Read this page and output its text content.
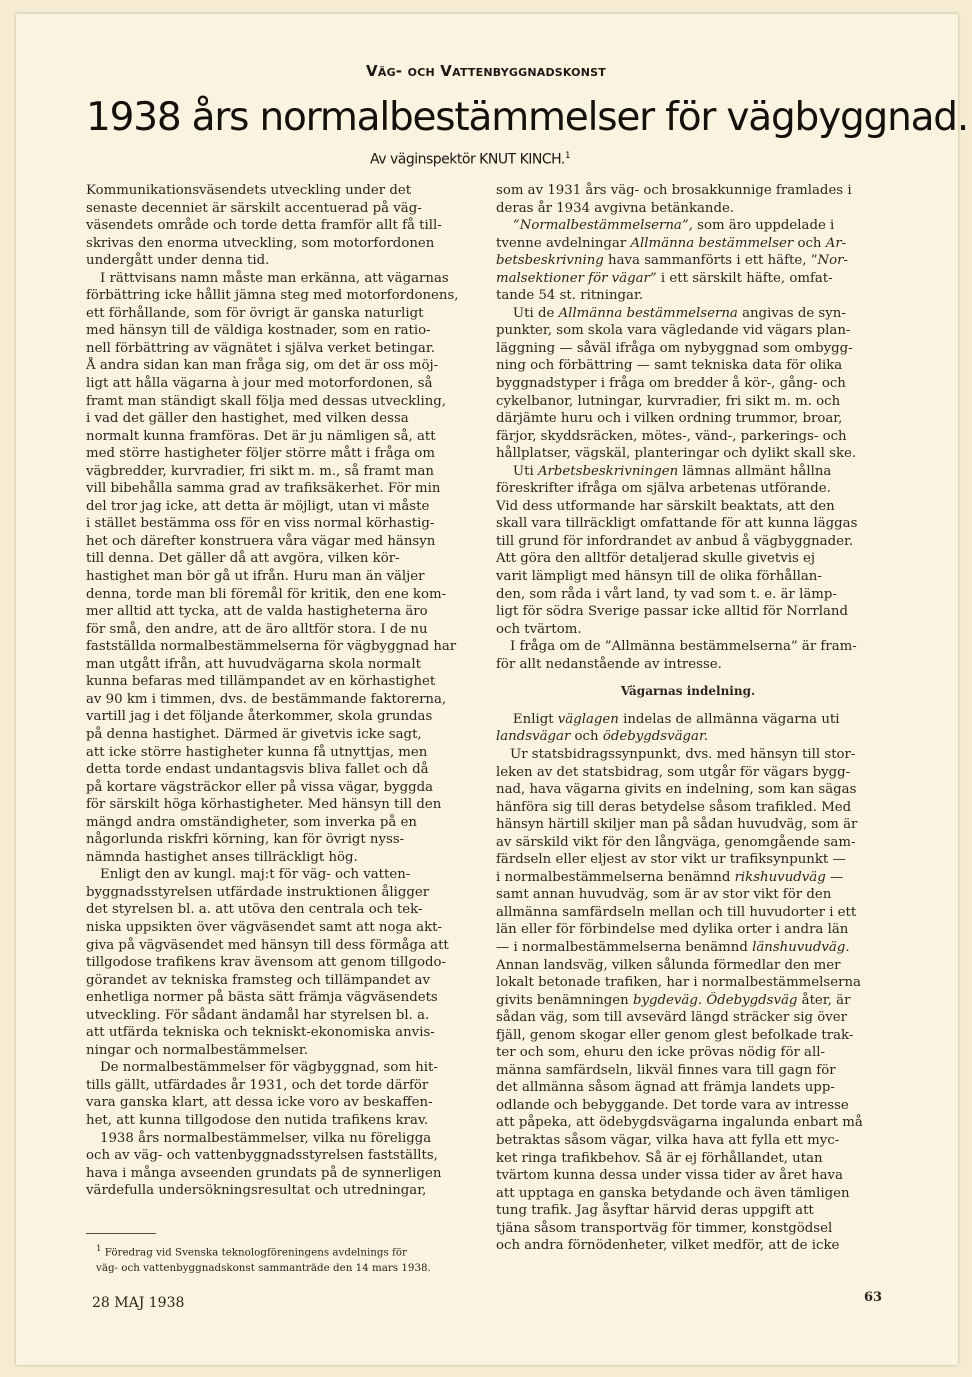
Väg- och Vattenbyggnadskonst
1938 års normalbestämmelser för vägbyggnad.
Av väginspektör KNUT KINCH.$^1$
Kommunikationsväsendets utveckling under det
senaste decenniet är särskilt accentuerad på väg-
väsendets område och torde detta framför allt få till-
skrivas den enorma utveckling, som motorfordonen
undergått under denna tid.
I rättvisans namn måste man erkänna, att vägarnas
förbättring icke hållit jämna steg med motorfordonens,
ett förhållande, som för övrigt är ganska naturligt
med hänsyn till de väldiga kostnader, som en ratio-
nell förbättring av vägnätet i själva verket betingar.
Å andra sidan kan man fråga sig, om det är oss möj-
ligt att hålla vägarna à jour med motorfordonen, så
framt man ständigt skall följa med dessas utveckling,
i vad det gäller den hastighet, med vilken dessa
normalt kunna framföras. Det är ju nämligen så, att
med större hastigheter följer större mått i fråga om
vägbredder, kurvradier, fri sikt m. m., så framt man
vill bibehålla samma grad av trafiksäkerhet. För min
del tror jag icke, att detta är möjligt, utan vi måste
i stället bestämma oss för en viss normal körhastig-
het och därefter konstruera våra vägar med hänsyn
till denna. Det gäller då att avgöra, vilken kör-
hastighet man bör gå ut ifrån. Huru man än väljer
denna, torde man bli föremål för kritik, den ene kom-
mer alltid att tycka, att de valda hastigheterna äro
för små, den andre, att de äro alltför stora. I de nu
fastställda normalbestämmelserna för vägbyggnad har
man utgått ifrån, att huvudvägarna skola normalt
kunna befaras med tillämpandet av en körhastighet
av 90 km i timmen, dvs. de bestämmande faktorerna,
vartill jag i det följande återkommer, skola grundas
på denna hastighet. Därmed är givetvis icke sagt,
att icke större hastigheter kunna få utnyttjas, men
detta torde endast undantagsvis bliva fallet och då
på kortare vägsträckor eller på vissa vägar, byggda
för särskilt höga körhastigheter. Med hänsyn till den
mängd andra omständigheter, som inverka på en
någorlunda riskfri körning, kan för övrigt nyss-
nämnda hastighet anses tillräckligt hög.
Enligt den av kungl. maj:t för väg- och vatten-
byggnadsstyrelsen utfärdade instruktionen åligger
det styrelsen bl. a. att utöva den centrala och tek-
niska uppsikten över vägväsendet samt att noga akt-
giva på vägväsendet med hänsyn till dess förmåga att
tillgodose trafikens krav ävensom att genom tillgodo-
görandet av tekniska framsteg och tillämpandet av
enhetliga normer på bästa sätt främja vägväsendets
utveckling. För sådant ändamål har styrelsen bl. a.
att utfärda tekniska och tekniskt-ekonomiska anvis-
ningar och normalbestämmelser.
De normalbestämmelser för vägbyggnad, som hit-
tills gällt, utfärdades år 1931, och det torde därför
vara ganska klart, att dessa icke voro av beskaffen-
het, att kunna tillgodose den nutida trafikens krav.
1938 års normalbestämmelser, vilka nu föreligga
och av väg- och vattenbyggnadsstyrelsen fastställts,
hava i många avseenden grundats på de synnerligen
värdefulla undersökningsresultat och utredningar,
som av 1931 års väg- och brosakkunnige framlades i
deras år 1934 avgivna betänkande.
”Normalbestämmelserna”, som äro uppdelade i
tvenne avdelningar Allmänna bestämmelser och Ar-
betsbeskrivning hava sammanförts i ett häfte, ”Nor-
malsektioner för vägar” i ett särskilt häfte, omfat-
tande 54 st. ritningar.
Uti de Allmänna bestämmelserna angivas de syn-
punkter, som skola vara vägledande vid vägars plan-
läggning — såväl ifråga om nybyggnad som ombygg-
ning och förbättring — samt tekniska data för olika
byggnadstyper i fråga om bredder å kör-, gång- och
cykelbanor, lutningar, kurvradier, fri sikt m. m. och
därjämte huru och i vilken ordning trummor, broar,
färjor, skyddsräcken, mötes-, vänd-, parkerings- och
hållplatser, vägskäl, planteringar och dylikt skall ske.
Uti Arbetsbeskrivningen lämnas allmänt hållna
föreskrifter ifråga om själva arbetenas utförande.
Vid dess utformande har särskilt beaktats, att den
skall vara tillräckligt omfattande för att kunna läggas
till grund för infordrandet av anbud å vägbyggnader.
Att göra den alltför detaljerad skulle givetvis ej
varit lämpligt med hänsyn till de olika förhållan-
den, som råda i vårt land, ty vad som t. e. är lämp-
ligt för södra Sverige passar icke alltid för Norrland
och tvärtom.
I fråga om de ”Allmänna bestämmelserna” är fram-
för allt nedanstående av intresse.
Vägarnas indelning.
Enligt väglagen indelas de allmänna vägarna uti
landsvägar och ödebygdsvägar.
Ur statsbidragssynpunkt, dvs. med hänsyn till stor-
leken av det statsbidrag, som utgår för vägars bygg-
nad, hava vägarna givits en indelning, som kan sägas
hänföra sig till deras betydelse såsom trafikled. Med
hänsyn härtill skiljer man på sådan huvudväg, som är
av särskild vikt för den långväga, genomgående sam-
färdseln eller eljest av stor vikt ur trafiksynpunkt —
i normalbestämmelserna benämnd rikshuvudväg —
samt annan huvudväg, som är av stor vikt för den
allmänna samfärdseln mellan och till huvudorter i ett
län eller för förbindelse med dylika orter i andra län
— i normalbestämmelserna benämnd länshuvudväg.
Annan landsväg, vilken sålunda förmedlar den mer
lokalt betonade trafiken, har i normalbestämmelserna
givits benämningen bygdeväg. Ödebygdsväg åter, är
sådan väg, som till avsevärd längd sträcker sig över
fjäll, genom skogar eller genom glest befolkade trak-
ter och som, ehuru den icke prövas nödig för all-
männa samfärdseln, likväl finnes vara till gagn för
det allmänna såsom ägnad att främja landets upp-
odlande och bebyggande. Det torde vara av intresse
att påpeka, att ödebygdsvägarna ingalunda enbart må
betraktas såsom vägar, vilka hava att fylla ett myc-
ket ringa trafikbehov. Så är ej förhållandet, utan
tvärtom kunna dessa under vissa tider av året hava
att upptaga en ganska betydande och även tämligen
tung trafik. Jag åsyftar härvid deras uppgift att
tjäna såsom transportväg för timmer, konstgödsel
och andra förnödenheter, vilket medför, att de icke
$^1$ Föredrag vid Svenska teknologföreningens avdelnings för
väg- och vattenbyggnadskonst sammanträde den 14 mars 1938.
28 MAJ 1938	63
